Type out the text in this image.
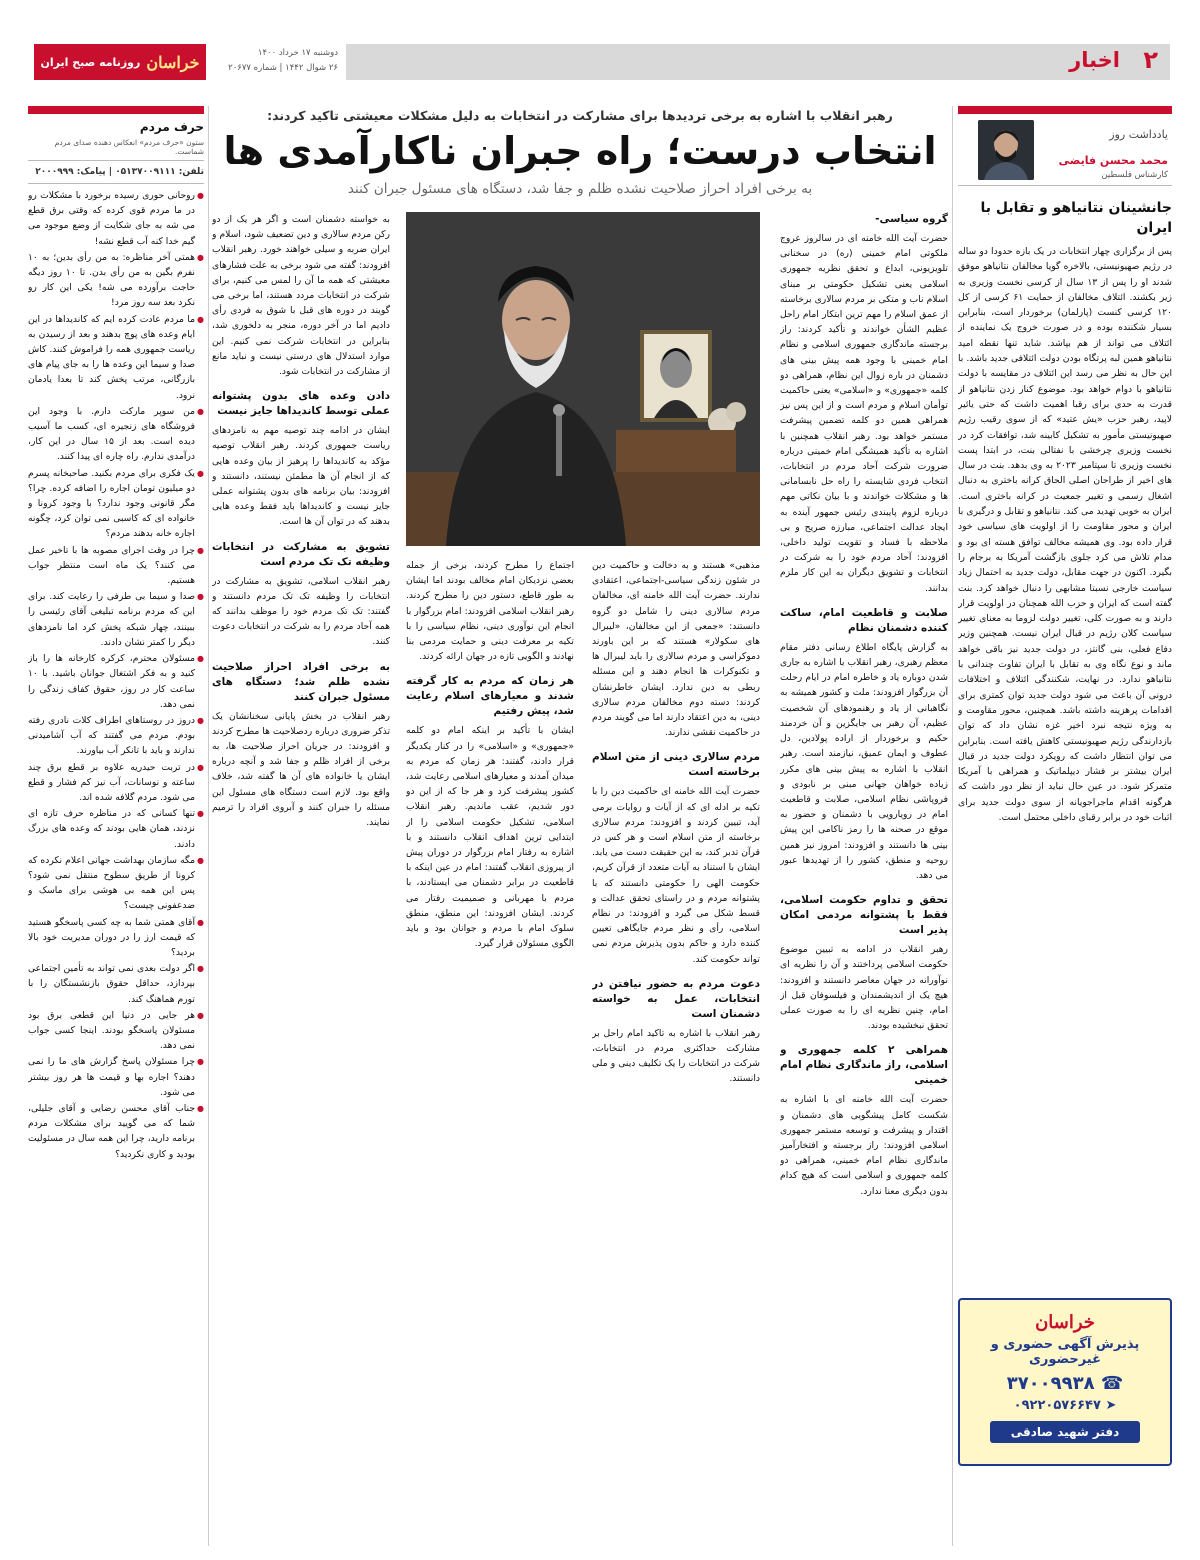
خراسان
روزنامه صبح ایران
دوشنبه ۱۷ خرداد ۱۴۰۰
۲۶ شوال ۱۴۴۲ | شماره ۲۰۶۷۷	اخبار ۲
یادداشت روز
محمد محسن فایضی
کارشناس فلسطین
جانشینان نتانیاهو و تقابل با ایران
پس از برگزاری چهار انتخابات در یک بازه حدودا دو ساله در رژیم صهیونیستی، بالاخره گویا مخالفان نتانیاهو موفق شدند او را پس از ۱۳ سال از کرسی نخست وزیری به زیر بکشند. ائتلاف مخالفان از حمایت ۶۱ کرسی از کل ۱۲۰ کرسی کنست (پارلمان) برخوردار است، بنابراین بسیار شکننده بوده و در صورت خروج یک نماینده از ائتلاف می تواند از هم بپاشد. شاید تنها نقطه امید نتانیاهو همین لبه پرتگاه بودن دولت ائتلافی جدید باشد. با این حال به نظر می رسد این ائتلاف در مقایسه با دولت نتانیاهو با دوام خواهد بود. موضوع کنار زدن نتانیاهو از قدرت به حدی برای رقبا اهمیت داشت که حتی یائیر لاپید، رهبر حزب «یش عتید» که از سوی رقیب رژیم صهیونیستی مأمور به تشکیل کابینه شد، توافقات کرد در نخست وزیری چرخشی با نفتالی بنت، در ابتدا پست نخست وزیری تا سپتامبر ۲۰۲۳ به وی بدهد. بنت در سال های اخیر از طراحان اصلی الحاق کرانه باختری به دنبال اشغال رسمی و تغییر جمعیت در کرانه باختری است. ایران به خوبی تهدید می کند. نتانیاهو و تقابل و درگیری با ایران و محور مقاومت را از اولویت های سیاسی خود قرار داده بود. وی همیشه مخالف توافق هسته ای بود و مدام تلاش می کرد جلوی بازگشت آمریکا به برجام را بگیرد. اکنون در جهت مقابل، دولت جدید به احتمال زیاد سیاست خارجی نسبتا مشابهی را دنبال خواهد کرد. بنت گفته است که ایران و حزب الله همچنان در اولویت قرار دارند و به صورت کلی، تغییر دولت لزوما به معنای تغییر سیاست کلان رژیم در قبال ایران نیست. همچنین وزیر دفاع فعلی، بنی گانتز، در دولت جدید نیز باقی خواهد ماند و نوع نگاه وی به تقابل با ایران تفاوت چندانی با نتانیاهو ندارد. در نهایت، شکنندگی ائتلاف و اختلافات درونی آن باعث می شود دولت جدید توان کمتری برای اقدامات پرهزینه داشته باشد. همچنین، محور مقاومت و به ویژه نتیجه نبرد اخیر غزه نشان داد که توان بازدارندگی رژیم صهیونیستی کاهش یافته است. بنابراین می توان انتظار داشت که رویکرد دولت جدید در قبال ایران بیشتر بر فشار دیپلماتیک و همراهی با آمریکا متمرکز شود. در عین حال نباید از نظر دور داشت که هرگونه اقدام ماجراجویانه از سوی دولت جدید برای اثبات خود در برابر رقبای داخلی محتمل است.
خراسان
پذیرش آگهی حضوری و غیرحضوری
☎ ۳۷۰۰۹۹۳۸
➤ ۰۹۲۲۰۵۷۶۶۴۷
دفتر شهید صادقی
رهبر انقلاب با اشاره به برخی تردیدها برای مشارکت در انتخابات به دلیل مشکلات معیشتی تاکید کردند:
انتخاب درست؛ راه جبران ناکارآمدی ها
به برخی افراد احراز صلاحیت نشده ظلم و جفا شد، دستگاه های مسئول جبران کنند
گروه سیاسی-

حضرت آیت الله خامنه ای در سالروز عروج ملکوتی امام خمینی (ره) در سخنانی تلویزیونی، ابداع و تحقق نظریه جمهوری اسلامی یعنی تشکیل حکومتی بر مبنای اسلام ناب و متکی بر مردم سالاری برخاسته از عمق اسلام را مهم ترین ابتکار امام راحل عظیم الشأن خواندند و تأکید کردند: راز برجسته ماندگاری جمهوری اسلامی و نظام امام خمینی با وجود همه پیش بینی های دشمنان در باره زوال این نظام، همراهی دو کلمه «جمهوری» و «اسلامی» یعنی حاکمیت توأمان اسلام و مردم است و از این پس نیز همراهی همین دو کلمه تضمین پیشرفت مستمر خواهد بود. رهبر انقلاب همچنین با اشاره به تأکید همیشگی امام خمینی درباره ضرورت شرکت آحاد مردم در انتخابات، انتخاب فردی شایسته را راه حل نابسامانی ها و مشکلات خواندند و با بیان نکاتی مهم درباره لزوم پایبندی رئیس جمهور آینده به ایجاد عدالت اجتماعی، مبارزه صریح و بی ملاحظه با فساد و تقویت تولید داخلی، افزودند: آحاد مردم خود را به شرکت در انتخابات و تشویق دیگران به این کار ملزم بدانند.

صلابت و قاطعیت امام، ساکت کننده دشمنان نظام

به گزارش پایگاه اطلاع رسانی دفتر مقام معظم رهبری، رهبر انقلاب با اشاره به جاری شدن دوباره یاد و خاطره امام در ایام رحلت آن بزرگوار افزودند: ملت و کشور همیشه به نگاهبانی از یاد و رهنمودهای آن شخصیت عظیم، آن رهبر بی جایگزین و آن خردمند حکیم و برخوردار از اراده پولادین، دل عطوف و ایمان عمیق، نیازمند است. رهبر انقلاب با اشاره به پیش بینی های مکرر زیاده خواهان جهانی مبنی بر نابودی و فروپاشی نظام اسلامی، صلابت و قاطعیت امام در رویارویی با دشمنان و حضور به موقع در صحنه ها را رمز ناکامی این پیش بینی ها دانستند و افزودند: امروز نیز همین روحیه و منطق، کشور را از تهدیدها عبور می دهد.

تحقق و تداوم حکومت اسلامی، فقط با پشتوانه مردمی امکان پذیر است

رهبر انقلاب در ادامه به تبیین موضوع حکومت اسلامی پرداختند و آن را نظریه ای نوآورانه در جهان معاصر دانستند و افزودند: هیچ یک از اندیشمندان و فیلسوفان قبل از امام، چنین نظریه ای را به صورت عملی تحقق نبخشیده بودند.

همراهی ۲ کلمه جمهوری و اسلامی، راز ماندگاری نظام امام خمینی

حضرت آیت الله خامنه ای با اشاره به شکست کامل پیشگویی های دشمنان و اقتدار و پیشرفت و توسعه مستمر جمهوری اسلامی افزودند: راز برجسته و افتخارآمیز ماندگاری نظام امام خمینی، همراهی دو کلمه جمهوری و اسلامی است که هیچ کدام بدون دیگری معنا ندارد.

مذهبی» هستند و به دخالت و حاکمیت دین در شئون زندگی سیاسی-اجتماعی، اعتقادی ندارند. حضرت آیت الله خامنه ای، مخالفان مردم سالاری دینی را شامل دو گروه دانستند: «جمعی از این مخالفان، «لیبرال های سکولار» هستند که بر این باورند دموکراسی و مردم سالاری را باید لیبرال ها و تکنوکرات ها انجام دهند و این مسئله ربطی به دین ندارد. ایشان خاطرنشان کردند: دسته دوم مخالفان مردم سالاری دینی، به دین اعتقاد دارند اما می گویند مردم در حاکمیت نقشی ندارند.

مردم سالاری دینی از متن اسلام برخاسته است

حضرت آیت الله خامنه ای حاکمیت دین را با تکیه بر ادله ای که از آیات و روایات برمی آید، تبیین کردند و افزودند: مردم سالاری برخاسته از متن اسلام است و هر کس در قرآن تدبر کند، به این حقیقت دست می یابد. ایشان با استناد به آیات متعدد از قرآن کریم، حکومت الهی را حکومتی دانستند که با پشتوانه مردم و در راستای تحقق عدالت و قسط شکل می گیرد و افزودند: در نظام اسلامی، رأی و نظر مردم جایگاهی تعیین کننده دارد و حاکم بدون پذیرش مردم نمی تواند حکومت کند.

دعوت مردم به حضور نیافتن در انتخابات، عمل به خواسته دشمنان است

رهبر انقلاب با اشاره به تاکید امام راحل بر مشارکت حداکثری مردم در انتخابات، شرکت در انتخابات را یک تکلیف دینی و ملی دانستند.

اجتماع را مطرح کردند، برخی از جمله بعضی نزدیکان امام مخالف بودند اما ایشان به طور قاطع، دستور دین را مطرح کردند. رهبر انقلاب اسلامی افزودند: امام بزرگوار با انجام این نوآوری دینی، نظام سیاسی را با تکیه بر معرفت دینی و حمایت مردمی بنا نهادند و الگویی تازه در جهان ارائه کردند.

هر زمان که مردم به کار گرفته شدند و معیارهای اسلام رعایت شد، پیش رفتیم

ایشان با تأکید بر اینکه امام دو کلمه «جمهوری» و «اسلامی» را در کنار یکدیگر قرار دادند، گفتند: هر زمان که مردم به میدان آمدند و معیارهای اسلامی رعایت شد، کشور پیشرفت کرد و هر جا که از این دو دور شدیم، عقب ماندیم. رهبر انقلاب اسلامی، تشکیل حکومت اسلامی را از ابتدایی ترین اهداف انقلاب دانستند و با اشاره به رفتار امام بزرگوار در دوران پیش از پیروزی انقلاب گفتند: امام در عین اینکه با قاطعیت در برابر دشمنان می ایستادند، با مردم با مهربانی و صمیمیت رفتار می کردند. ایشان افزودند: این منطق، منطق سلوک امام با مردم و جوانان بود و باید الگوی مسئولان قرار گیرد.

به خواسته دشمنان است و اگر هر یک از دو رکن مردم سالاری و دین تضعیف شود، اسلام و ایران ضربه و سیلی خواهند خورد. رهبر انقلاب افزودند: گفته می شود برخی به علت فشارهای معیشتی که همه ما آن را لمس می کنیم، برای شرکت در انتخابات مردد هستند، اما برخی می گویند در دوره های قبل با شوق به فردی رأی دادیم اما در آخر دوره، منجر به دلخوری شد، بنابراین در انتخابات شرکت نمی کنیم. این موارد استدلال های درستی نیست و نباید مانع از مشارکت در انتخابات شود.

دادن وعده های بدون پشتوانه عملی توسط کاندیداها جایز نیست

ایشان در ادامه چند توصیه مهم به نامزدهای ریاست جمهوری کردند. رهبر انقلاب توصیه مؤکد به کاندیداها را پرهیز از بیان وعده هایی که از انجام آن ها مطمئن نیستند، دانستند و افزودند: بیان برنامه های بدون پشتوانه عملی جایز نیست و کاندیداها باید فقط وعده هایی بدهند که در توان آن ها است.

تشویق به مشارکت در انتخابات وظیفه تک تک مردم است

رهبر انقلاب اسلامی، تشویق به مشارکت در انتخابات را وظیفه تک تک مردم دانستند و گفتند: تک تک مردم خود را موظف بدانند که همه آحاد مردم را به شرکت در انتخابات دعوت کنند.

به برخی افراد احراز صلاحیت نشده ظلم شد؛ دستگاه های مسئول جبران کنند

رهبر انقلاب در بخش پایانی سخنانشان یک تذکر ضروری درباره ردصلاحیت ها مطرح کردند و افزودند: در جریان احراز صلاحیت ها، به برخی از افراد ظلم و جفا شد و آنچه درباره ایشان یا خانواده های آن ها گفته شد، خلاف واقع بود. لازم است دستگاه های مسئول این مسئله را جبران کنند و آبروی افراد را ترمیم نمایند.

حرف مردم
ستون «حرف مردم» انعکاس دهنده صدای مردم شماست.
تلفن: ۰۵۱۳۷۰۰۹۱۱۱ | پیامک: ۲۰۰۰۹۹۹
● روحانی حوری رسیده برخورد با مشکلات رو در ما مردم قوی کرده که وقتی برق قطع می شه به جای شکایت از وضع موجود می گیم خدا کنه آب قطع نشه!
● همتی آخر مناظره: به من رأی بدین؛ به ۱۰ نفرم بگین به من رأی بدن. تا ۱۰ روز دیگه حاجت برآورده می شه! یکی این کار رو نکرد بعد سه روز مرد!
● ما مردم عادت کرده ایم که کاندیداها در این ایام وعده های پوچ بدهند و بعد از رسیدن به ریاست جمهوری همه را فراموش کنند. کاش صدا و سیما این وعده ها را به جای پیام های بازرگانی، مرتب پخش کند تا بعدا یادمان نرود.
● من سوپر مارکت دارم. با وجود این فروشگاه های زنجیره ای، کسب ما آسیب دیده است. بعد از ۱۵ سال در این کار، درآمدی ندارم. راه چاره ای پیدا کنند.
● یک فکری برای مردم بکنید. صاحبخانه پسرم دو میلیون تومان اجاره را اضافه کرده. چرا؟ مگر قانونی وجود ندارد؟ با وجود کرونا و خانواده ای که کاسبی نمی توان کرد، چگونه اجاره خانه بدهند مردم؟
● چرا در وقت اجرای مصوبه ها با تاخیر عمل می کنند؟ یک ماه است منتظر جواب هستیم.
● صدا و سیما بی طرفی را رعایت کند. برای این که مردم برنامه تبلیغی آقای رئیسی را ببینند، چهار شبکه پخش کرد اما نامزدهای دیگر را کمتر نشان دادند.
● مسئولان محترم، کرکره کارخانه ها را باز کنید و به فکر اشتغال جوانان باشید. با ۱۰ ساعت کار در روز، حقوق کفاف زندگی را نمی دهد.
● دروز در روستاهای اطراف کلات نادری رفته بودم. مردم می گفتند که آب آشامیدنی ندارند و باید با تانکر آب بیاورند.
● در تربت حیدریه علاوه بر قطع برق چند ساعته و نوسانات، آب نیز کم فشار و قطع می شود. مردم گلافه شده اند.
● تنها کسانی که در مناظره حرف تازه ای نزدند، همان هایی بودند که وعده های بزرگ دادند.
● مگه سازمان بهداشت جهانی اعلام نکرده که کرونا از طریق سطوح منتقل نمی شود؟ پس این همه بی هوشی برای ماسک و ضدعفونی چیست؟
● آقای همتی شما به چه کسی پاسخگو هستید که قیمت ارز را در دوران مدیریت خود بالا بردید؟
● اگر دولت بعدی نمی تواند به تأمین اجتماعی بپردازد، حداقل حقوق بازنشستگان را با تورم هماهنگ کند.
● هر جایی در دنیا این قطعی برق بود مسئولان پاسخگو بودند. اینجا کسی جواب نمی دهد.
● چرا مسئولان پاسخ گزارش های ما را نمی دهند؟ اجاره بها و قیمت ها هر روز بیشتر می شود.
● جناب آقای محسن رضایی و آقای جلیلی، شما که می گویید برای مشکلات مردم برنامه دارید، چرا این همه سال در مسئولیت بودید و کاری نکردید؟
